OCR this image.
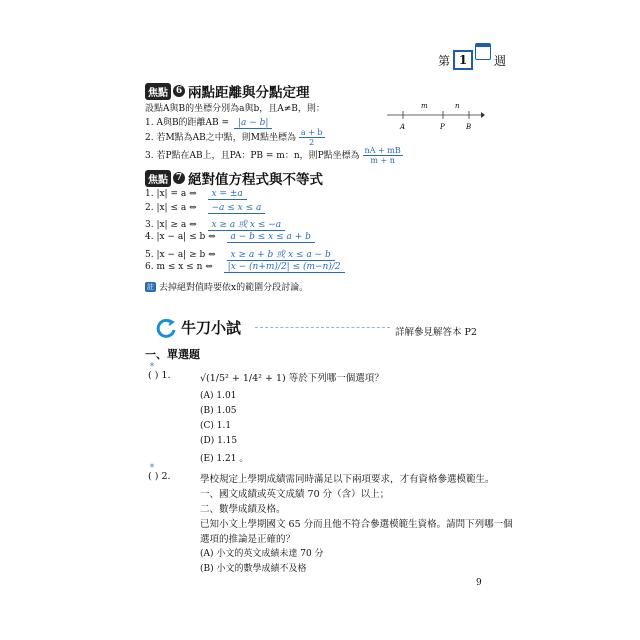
第 1	週
焦點 6 兩點距離與分點定理
設點A與B的坐標分別為a與b，且A≠B，則：
1. A與B的距離AB = |a − b|
2. 若M點為AB之中點，則M點坐標為 $\frac{a + b}{2}$
3. 若P點在AB上，且PA：PB = m：n，則P點坐標為 $\frac{nA + mB}{m + n}$
m	n
A	P	B
焦點 7 絕對值方程式與不等式
1. |x| = a ⇔ x = ±a
2. |x| ≤ a ⇔ −a ≤ x ≤ a
3. |x| ≥ a ⇔ x ≥ a 或 x ≤ −a
4. |x − a| ≤ b ⇔ a − b ≤ x ≤ a + b
5. |x − a| ≥ b ⇔ x ≥ a + b 或 x ≤ a − b
6. m ≤ x ≤ n ⇔ |x − (n+m)/2| ≤ (m−n)/2
註 去掉絕對值時要依x的範圍分段討論。
牛刀小試	詳解參見解答本 P2
一、單選題
*
( ) 1.	√(1/5² + 1/4² + 1) 等於下列哪一個選項？
(A) 1.01
(B) 1.05
(C) 1.1
(D) 1.15
(E) 1.21 。
*
( ) 2.	學校規定上學期成績需同時滿足以下兩項要求，才有資格參選模範生。
一、國文成績或英文成績 70 分（含）以上；
二、數學成績及格。
已知小文上學期國文 65 分而且他不符合參選模範生資格。請問下列哪一個
選項的推論是正確的？
(A) 小文的英文成績未達 70 分
(B) 小文的數學成績不及格
9
